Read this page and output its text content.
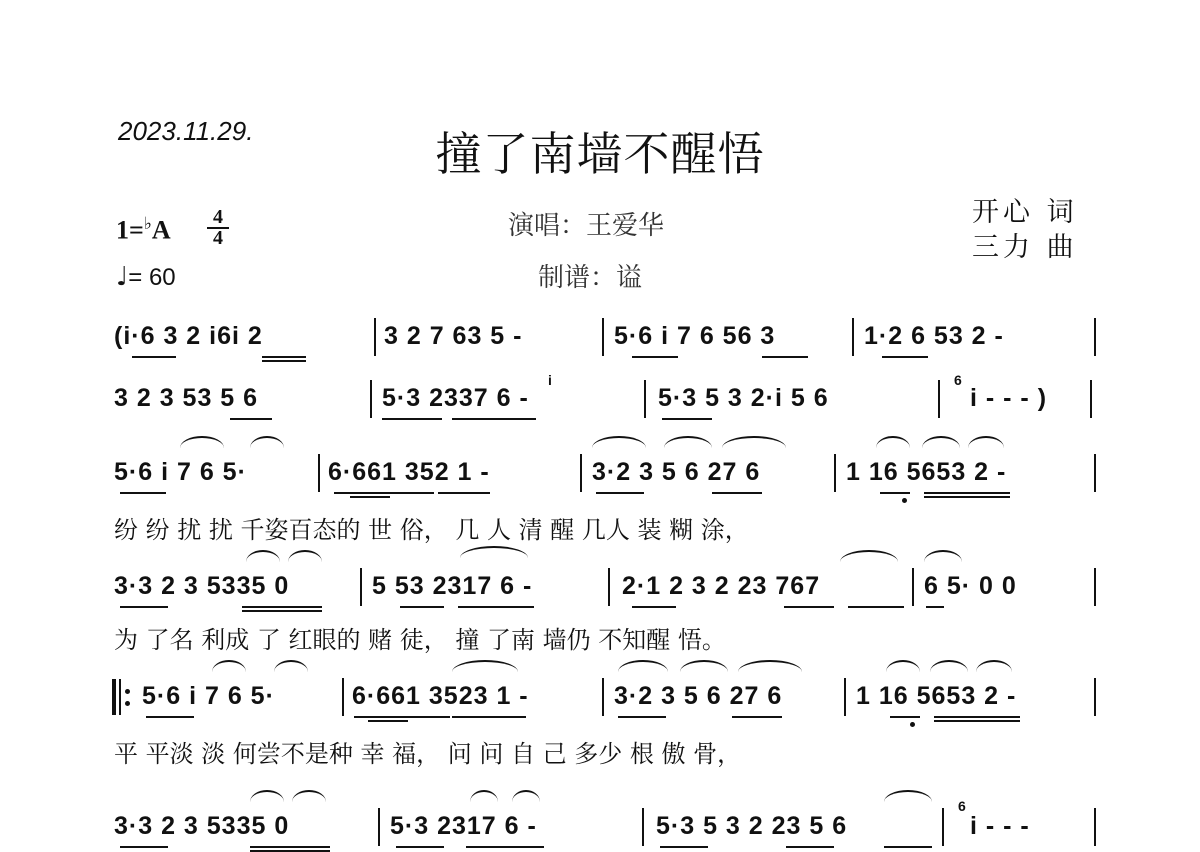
2023.11.29.	撞了南墙不醒悟
$1=^♭A \frac{4}{4}$
♩= 60
演唱：王爱华
制谱：谥
开心 词
三力 曲
(i·6 3 2 i6i 2	3 2 7 63 5 -	5·6 i 7 6 56 3	1·2 6 53 2 -
3 2 3 53 5 6	5·3 2337 6 -	5·3 5 3 2·i 5 6
6
i - - - )
i
5·6 i 7 6 5·	6·661 352 1 -	3·2 3 5 6 27 6	1 16 5653 2 -
纷 纷 扰 扰 千姿百态的 世 俗， 几 人 清 醒 几人 装 糊 涂，
3·3 2 3 5335 0	5 53 2317 6 -	2·1 2 3 2 23 767	6 5· 0 0
为 了名 利成 了 红眼的 赌 徒， 撞 了南 墙仍 不知醒 悟。
5·6 i 7 6 5·	6·661 3523 1 -	3·2 3 5 6 27 6	1 16 5653 2 -
平 平淡 淡 何尝不是种 幸 福， 问 问 自 己 多少 根 傲 骨，
3·3 2 3 5335 0	5·3 2317 6 -	5·3 5 3 2 23 5 6
6
i - - -
